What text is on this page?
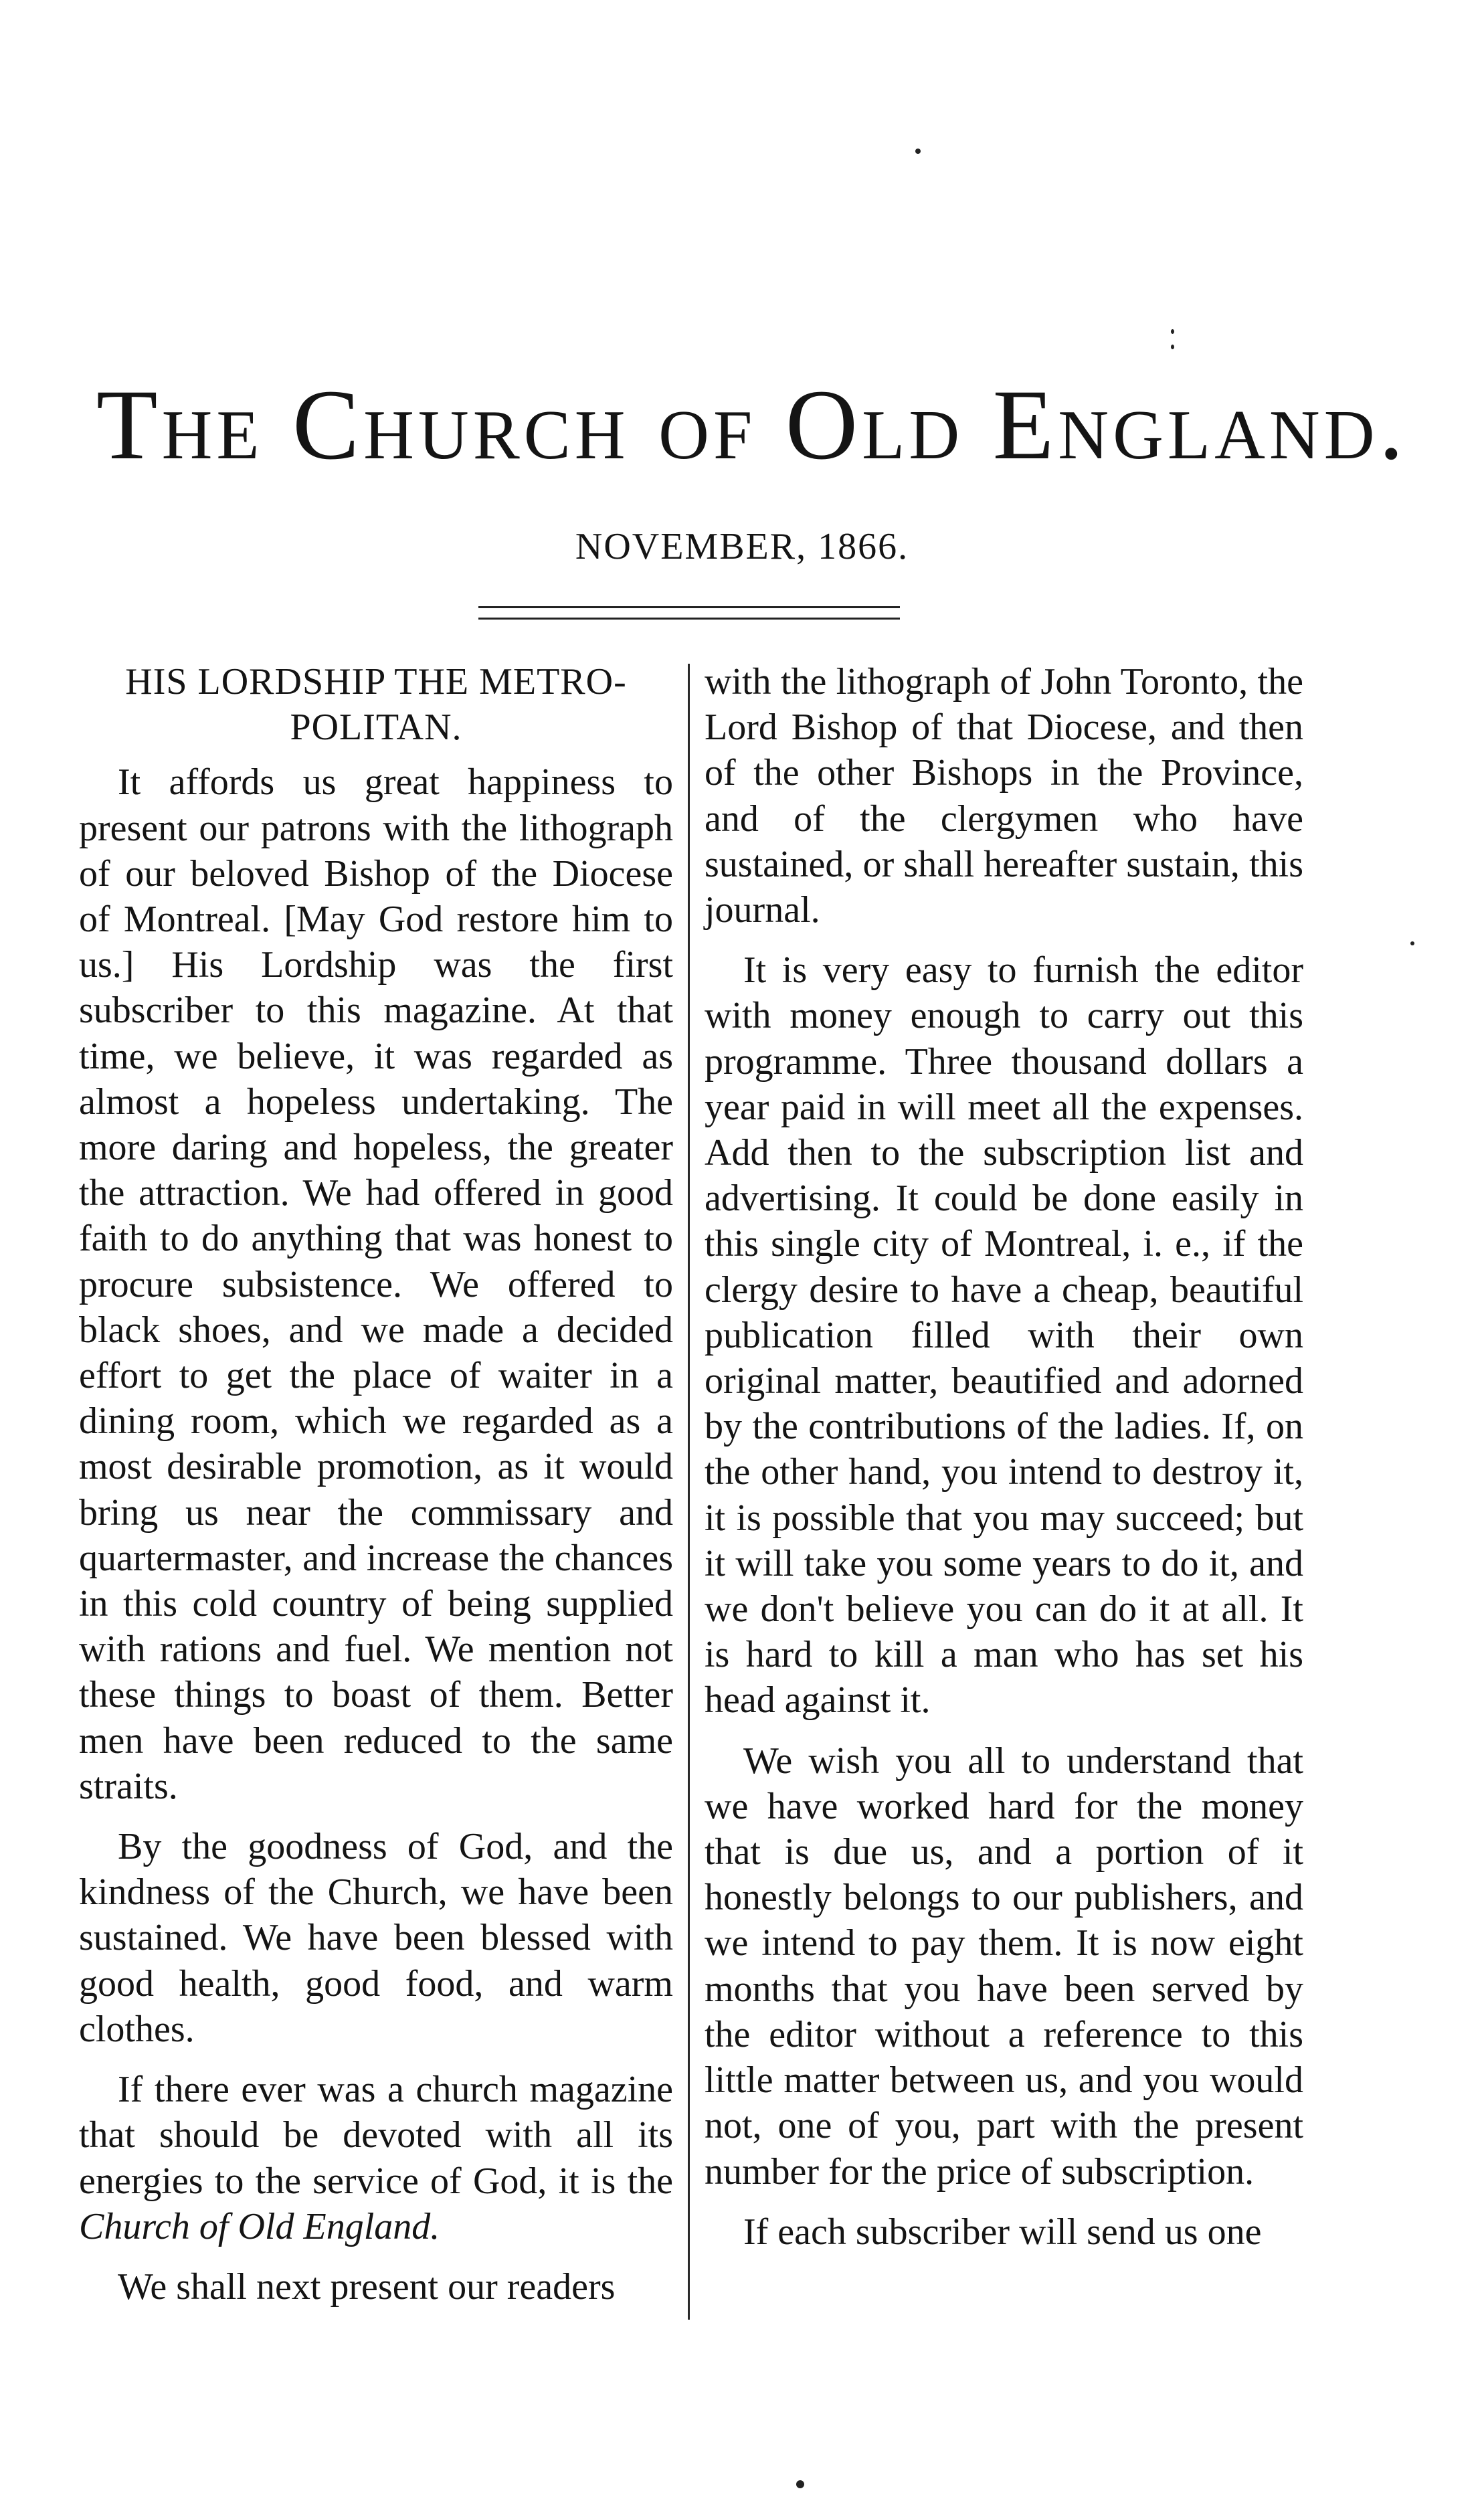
The Church of Old England.
NOVEMBER, 1866.
HIS LORDSHIP THE METRO-POLITAN.

It affords us great happiness to present our patrons with the lithograph of our beloved Bishop of the Diocese of Montreal. [May God restore him to us.] His Lordship was the first subscriber to this magazine. At that time, we believe, it was regarded as almost a hopeless undertaking. The more daring and hopeless, the greater the attraction. We had offered in good faith to do anything that was honest to procure subsistence. We offered to black shoes, and we made a decided effort to get the place of waiter in a dining room, which we regarded as a most desirable promotion, as it would bring us near the commissary and quartermaster, and increase the chances in this cold country of being supplied with rations and fuel. We mention not these things to boast of them. Better men have been reduced to the same straits.

By the goodness of God, and the kindness of the Church, we have been sustained. We have been blessed with good health, good food, and warm clothes.

If there ever was a church magazine that should be devoted with all its energies to the service of God, it is the Church of Old England.

We shall next present our readers

with the lithograph of John Toronto, the Lord Bishop of that Diocese, and then of the other Bishops in the Province, and of the clergymen who have sustained, or shall hereafter sustain, this journal.

It is very easy to furnish the editor with money enough to carry out this programme. Three thousand dollars a year paid in will meet all the expenses. Add then to the subscription list and advertising. It could be done easily in this single city of Montreal, i. e., if the clergy desire to have a cheap, beautiful publication filled with their own original matter, beautified and adorned by the contributions of the ladies. If, on the other hand, you intend to destroy it, it is possible that you may succeed; but it will take you some years to do it, and we don't believe you can do it at all. It is hard to kill a man who has set his head against it.

We wish you all to understand that we have worked hard for the money that is due us, and a portion of it honestly belongs to our publishers, and we intend to pay them. It is now eight months that you have been served by the editor without a reference to this little matter between us, and you would not, one of you, part with the present number for the price of subscription.

If each subscriber will send us one
